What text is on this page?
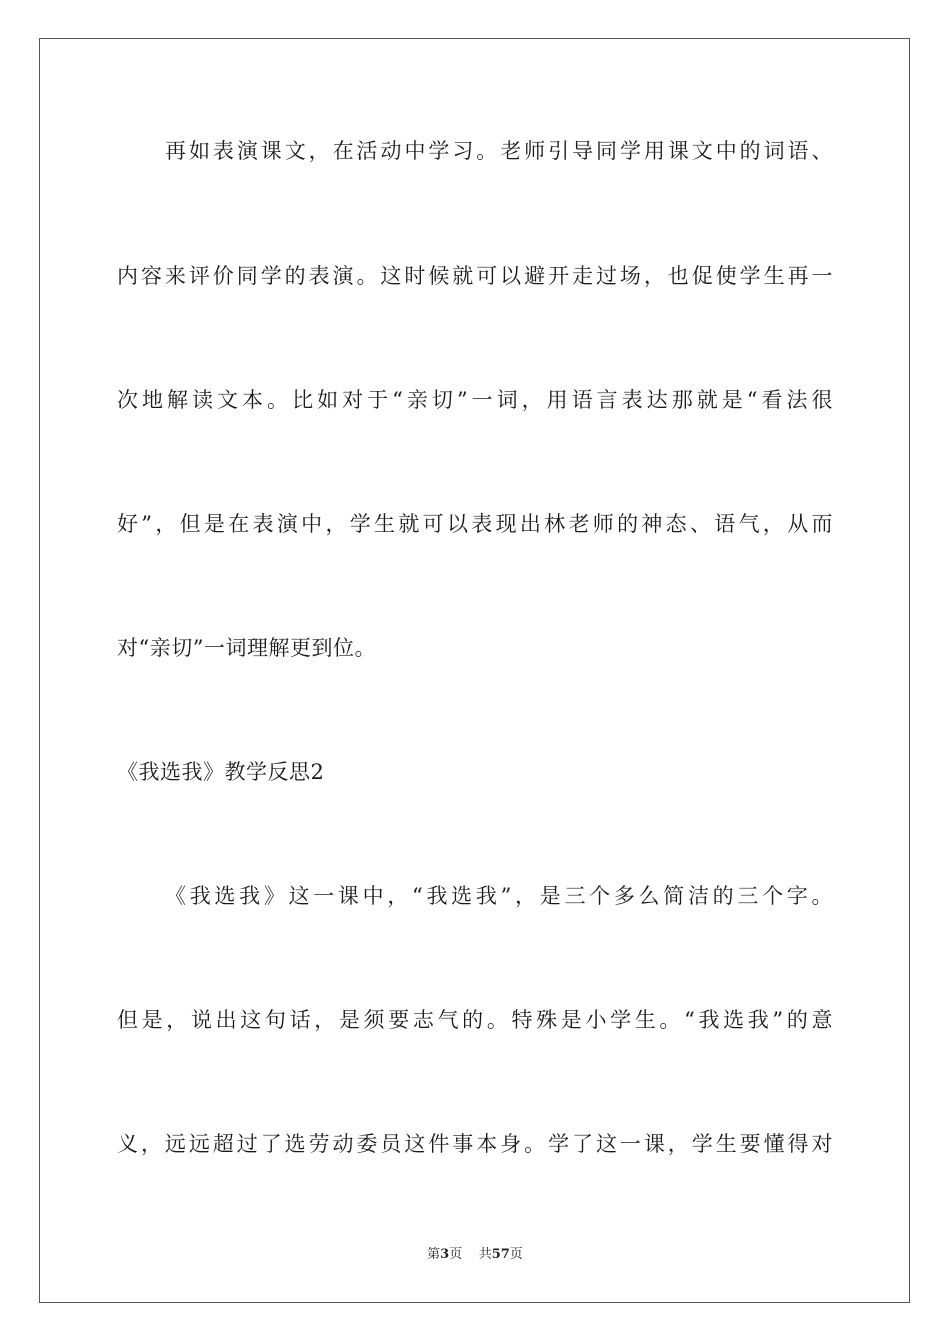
再如表演课文，在活动中学习。老师引导同学用课文中的词语、
内容来评价同学的表演。这时候就可以避开走过场，也促使学生再一
次地解读文本。比如对于“亲切”一词，用语言表达那就是“看法很
好”，但是在表演中，学生就可以表现出林老师的神态、语气，从而
对“亲切”一词理解更到位。
《我选我》教学反思2
《我选我》这一课中，“我选我”，是三个多么简洁的三个字。
但是，说出这句话，是须要志气的。特殊是小学生。“我选我”的意
义，远远超过了选劳动委员这件事本身。学了这一课，学生要懂得对
第3页 共57页
